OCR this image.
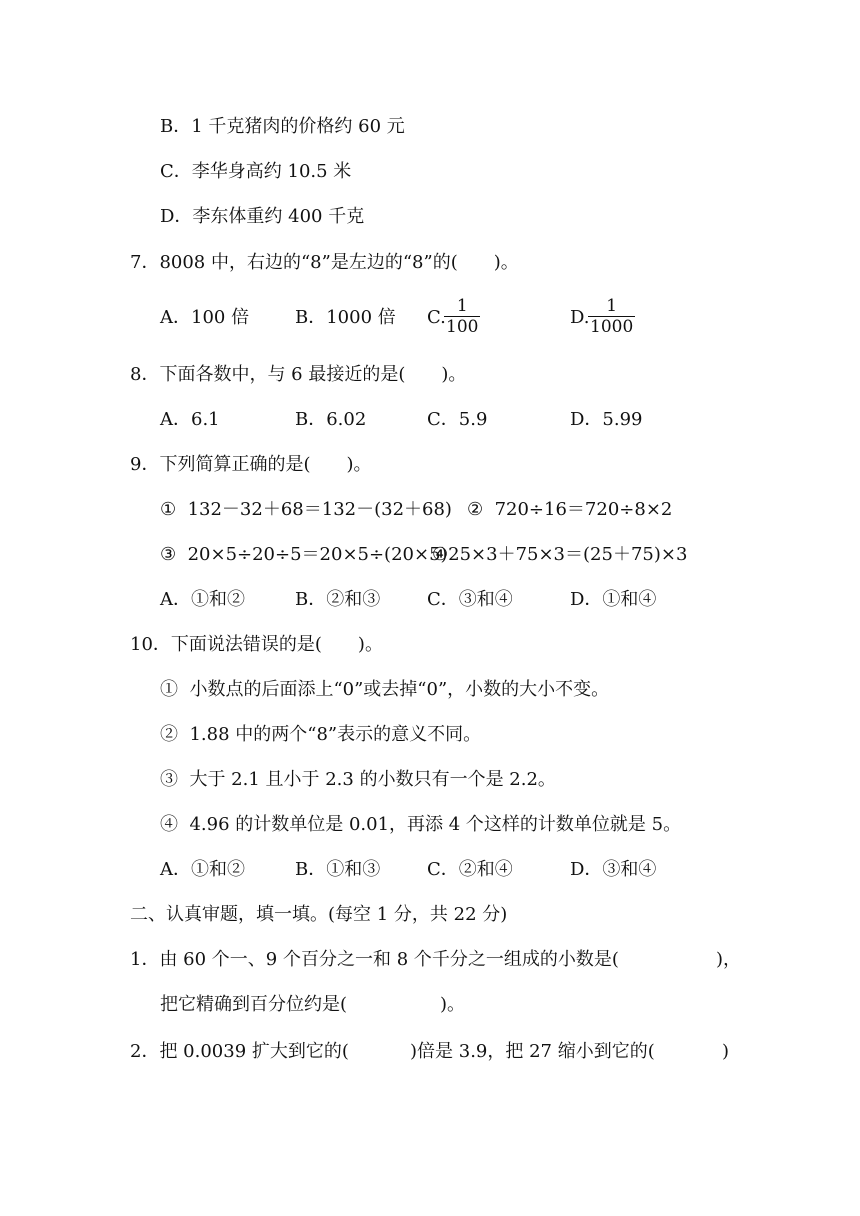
B．1 千克猪肉的价格约 60 元
C．李华身高约 10.5 米
D．李东体重约 400 千克
7．8008 中，右边的“8”是左边的“8”的(　　)。
A．100 倍	B．1000 倍 C.
$\frac{1}{100}$	D.
$\frac{1}{1000}$
8．下面各数中，与 6 最接近的是(　　)。
A．6.1	B．6.02	C．5.9	D．5.99
9．下列简算正确的是(　　)。
①  132－32＋68＝132－(32＋68) ②  720÷16＝720÷8×2
③  20×5÷20÷5＝20×5÷(20×5)
④25×3＋75×3＝(25＋75)×3
A．①和②	B．②和③	C．③和④	D．①和④
10．下面说法错误的是(　　)。
①  小数点的后面添上“0”或去掉“0”，小数的大小不变。
②  1.88 中的两个“8”表示的意义不同。
③  大于 2.1 且小于 2.3 的小数只有一个是 2.2。
④  4.96 的计数单位是 0.01，再添 4 个这样的计数单位就是 5。
A．①和②	B．①和③	C．②和④	D．③和④
二、认真审题，填一填。(每空 1 分，共 22 分)
1．由 60 个一、9 个百分之一和 8 个千分之一组成的小数是(	)，
把它精确到百分位约是(	)。
2．把 0.0039 扩大到它的(	)倍是 3.9，把 27 缩小到它的(	)
